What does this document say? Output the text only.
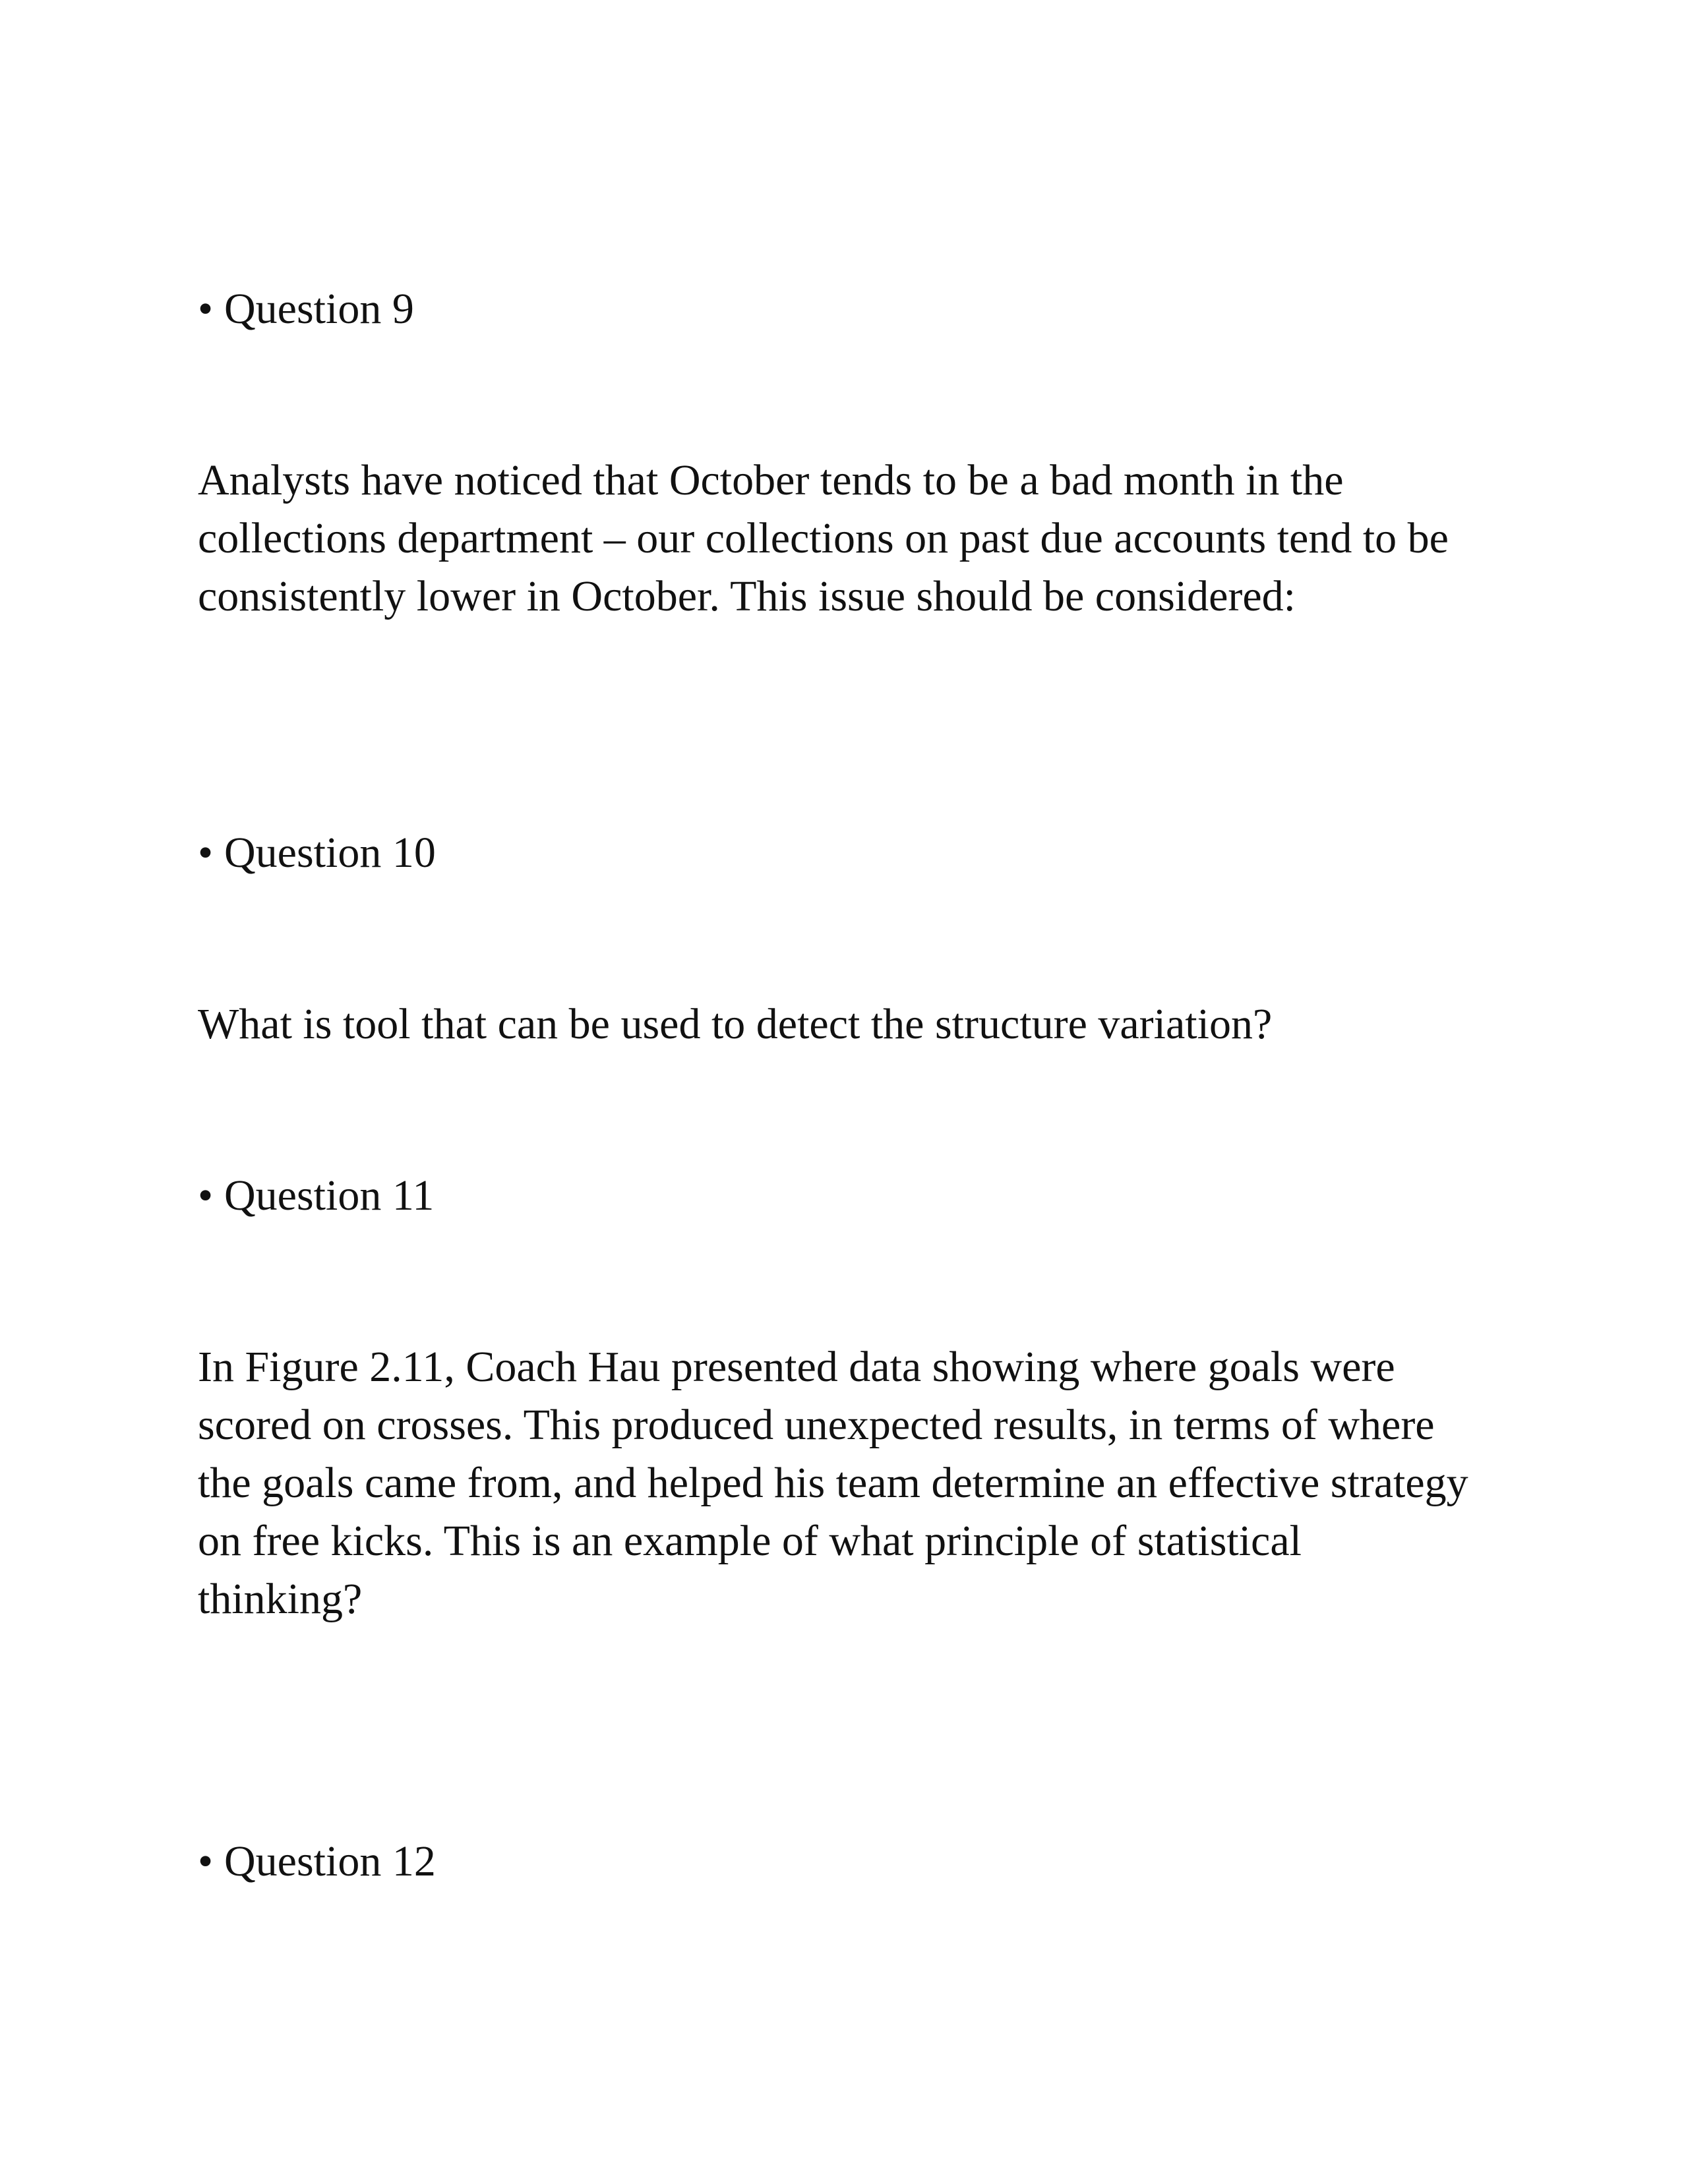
• Question 9
Analysts have noticed that October tends to be a bad month in the
collections department – our collections on past due accounts tend to be
consistently lower in October. This issue should be considered:
• Question 10
What is tool that can be used to detect the structure variation?
• Question 11
In Figure 2.11, Coach Hau presented data showing where goals were
scored on crosses. This produced unexpected results, in terms of where
the goals came from, and helped his team determine an effective strategy
on free kicks. This is an example of what principle of statistical
thinking?
• Question 12
